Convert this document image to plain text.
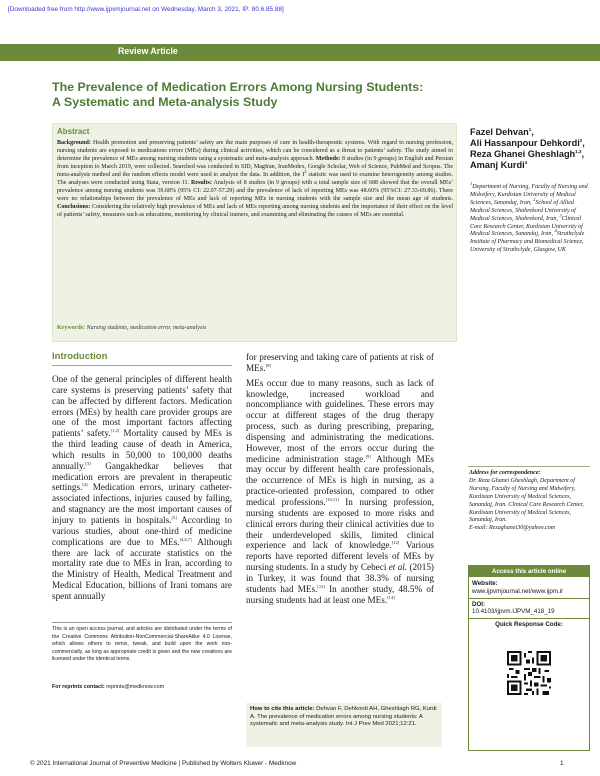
[Downloaded free from http://www.ijpvmjournal.net on Wednesday, March 3, 2021, IP: 80.6.85.88]
Review Article
The Prevalence of Medication Errors Among Nursing Students:
A Systematic and Meta-analysis Study
Abstract
Background: Health promotion and preserving patients’ safety are the main purposes of care in health-therapeutic systems. With regard to nursing profession, nursing students are exposed to medications errors (MEs) during clinical activities, which can be considered as a threat to patients’ safety. The study aimed to determine the prevalence of MEs among nursing students using a systematic and meta-analysis approach. Methods: 8 studies (in 9 groups) in English and Persian from inception to March 2019, were collected. Searched was conducted in SID, MagIran, IranMedex, Google Scholar, Web of Science, PubMed and Scopus. The meta-analysis method and the random effects model were used to analyze the data. In addition, the $I^2$ statistic was used to examine heterogeneity among studies. The analyses were conducted using Stata, version 11. Results: Analysis of 8 studies (in 9 groups) with a total sample size of 688 showed that the overall MEs’ prevalence among nursing students was 39.68% (95% CI: 22.07-57.29) and the prevalence of lack of reporting MEs was 48.60% (95%CI: 27.33-69.86). There were no relationships between the prevalence of MEs and lack of reporting MEs in nursing students with the sample size and the mean age of students. Conclusions: Considering the relatively high prevalence of MEs and lack of MEs reporting among nursing students and the importance of their effect on the level of patients’ safety, measures such as educations, monitoring by clinical trainers, and examining and eliminating the causes of MEs are essential.
Keywords: Nursing students, medication error, meta-analysis
Fazel Dehvan$^1$,
Ali Hassanpour Dehkordi$^2$,
Reza Ghanei Gheshlagh$^{1,3}$,
Amanj Kurdi$^4$
$^1$Department of Nursing, Faculty of Nursing and Midwifery, Kurdistan University of Medical Sciences, Sanandaj, Iran, $^2$School of Allied Medical Sciences, Shahrekord University of Medical Sciences, Shahrekord, Iran, $^3$Clinical Care Research Center, Kurdistan University of Medical Sciences, Sanandaj, Iran, $^4$Strathclyde Institute of Pharmacy and Biomedical Science, University of Strathclyde, Glasgow, UK
Introduction
One of the general principles of different health care systems is preserving patients’ safety that can be affected by different factors. Medication errors (MEs) by health care provider groups are one of the most important factors affecting patients’ safety.[1,2] Mortality caused by MEs is the third leading cause of death in America, which results in 50,000 to 100,000 deaths annually.[3] Gangakhedkar believes that medication errors are prevalent in therapeutic settings.[4] Medication errors, urinary catheter-associated infections, injuries caused by falling, and stagnancy are the most important causes of injury to patients in hospitals.[5] According to various studies, about one-third of medicine complications are due to MEs.[4,6,7] Although there are lack of accurate statistics on the mortality rate due to MEs in Iran, according to the Ministry of Health, Medical Treatment and Medical Education, billions of Irani tomans are spent annually

for preserving and taking care of patients at risk of MEs.[8]

MEs occur due to many reasons, such as lack of knowledge, increased workload and noncompliance with guidelines. These errors may occur at different stages of the drug therapy process, such as during prescribing, preparing, dispensing and administrating the medications. However, most of the errors occur during the medicine administration stage.[9] Although MEs may occur by different health care professionals, the occurrence of MEs is high in nursing, as a practice-oriented profession, compared to other medical professions.[10,11] In nursing profession, nursing students are exposed to more risks and clinical errors during their clinical activities due to their underdeveloped skills, limited clinical experience and lack of knowledge.[12] Various reports have reported different levels of MEs by nursing students. In a study by Cebeci et al. (2015) in Turkey, it was found that 38.3% of nursing students had MEs.[13] In another study, 48.5% of nursing students had at least one MEs.[14]

This is an open access journal, and articles are distributed under the terms of the Creative Commons Attribution-NonCommercial-ShareAlike 4.0 License, which allows others to remix, tweak, and build upon the work non-commercially, as long as appropriate credit is given and the new creations are licensed under the identical terms.
For reprints contact: reprints@medknow.com
How to cite this article: Dehvan F, Dehkordi AH, Gheshlagh RG, Kurdi A. The prevalence of medication errors among nursing students: A systematic and meta-analysis study. Int J Prev Med 2021;12:21.
Address for correspondence:
Dr. Reza Ghanei Gheshlagh, Department of Nursing, Faculty of Nursing and Midwifery, Kurdistan University of Medical Sciences, Sanandaj, Iran. Clinical Care Research Center, Kurdistan University of Medical Sciences, Sanandaj, Iran.
E-mail: Rezaghanei30@yahoo.com
Access this article online
Website:
www.ijpvmjournal.net/www.ijpm.ir
DOI:
10.4103/ijpvm.IJPVM_418_19
Quick Response Code:
© 2021 International Journal of Preventive Medicine | Published by Wolters Kluwer - Medknow	1
